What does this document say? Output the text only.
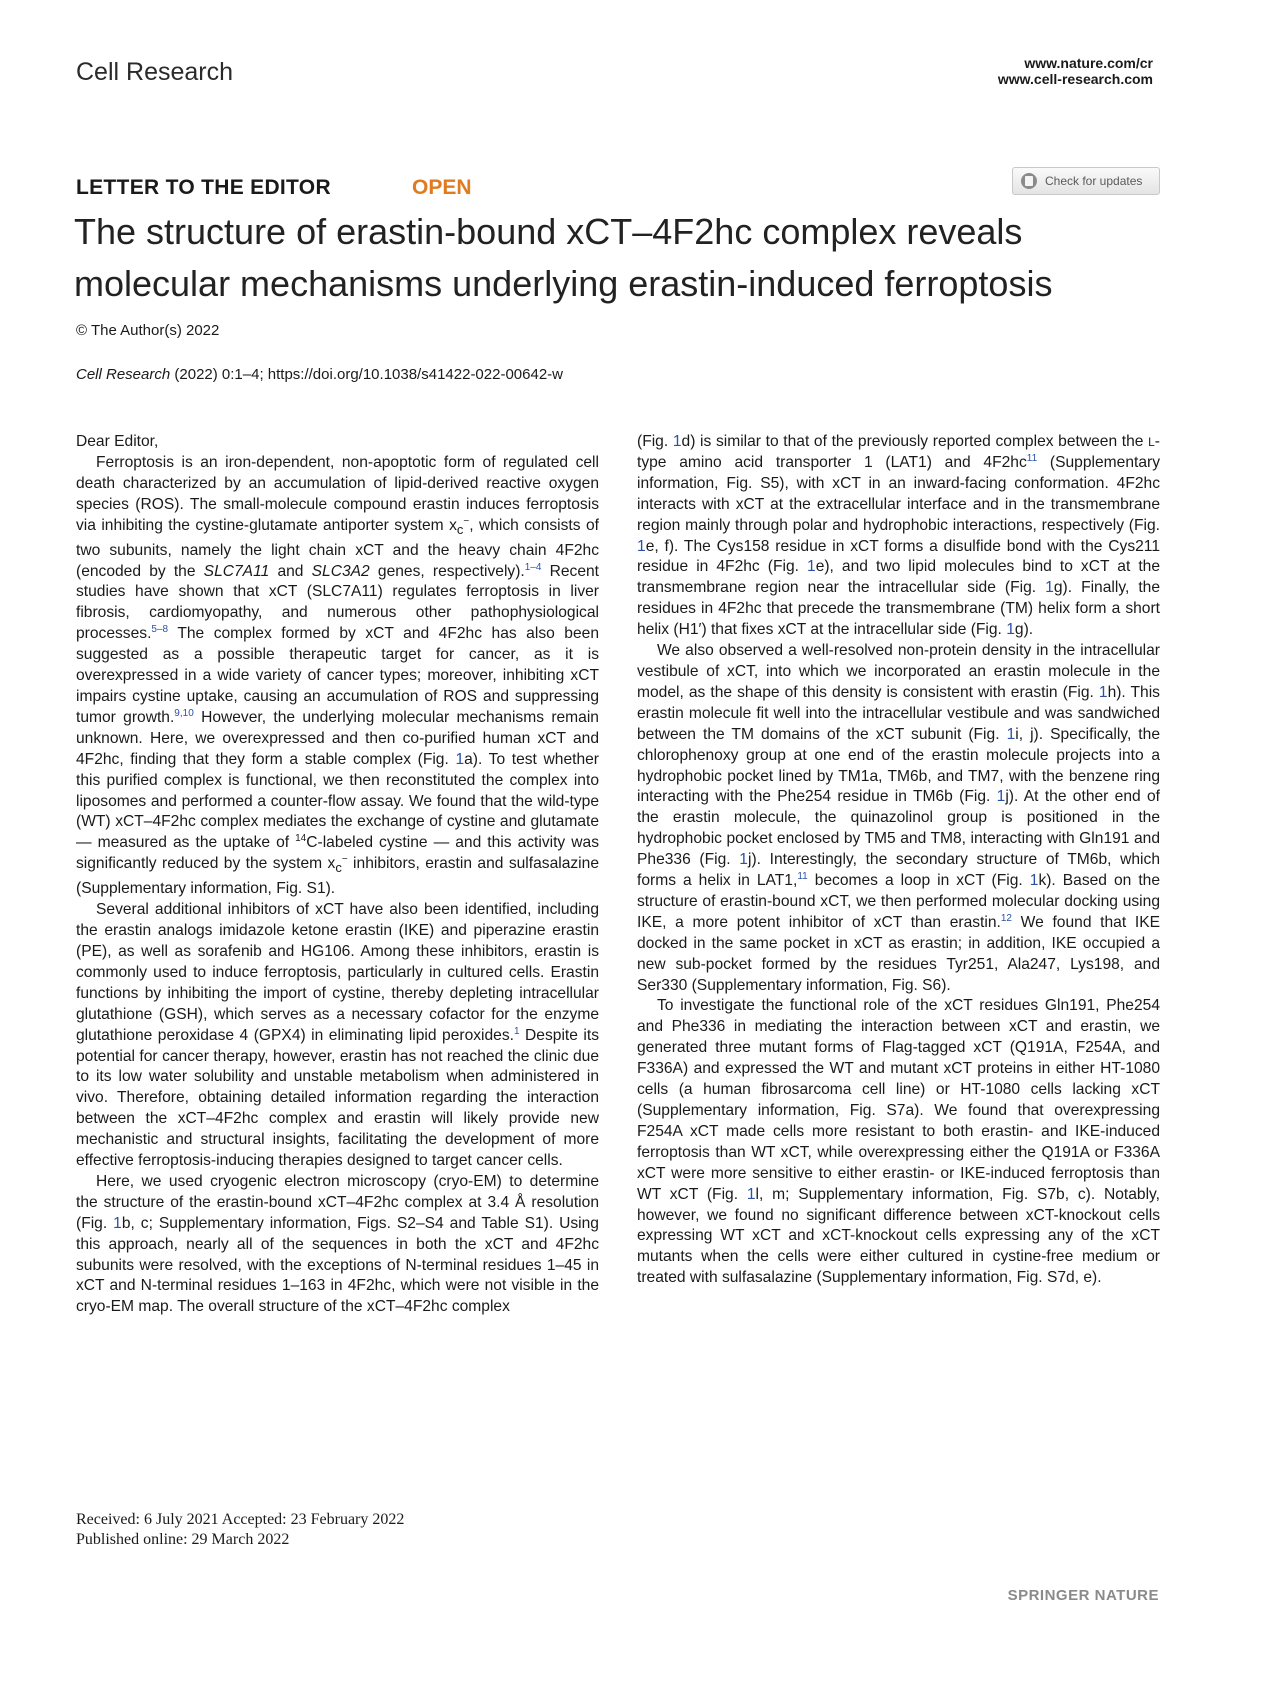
Cell Research	www.nature.com/cr
www.cell-research.com
LETTER TO THE EDITOR	OPEN	Check for updates
The structure of erastin-bound xCT–4F2hc complex reveals
molecular mechanisms underlying erastin-induced ferroptosis
© The Author(s) 2022
Cell Research (2022) 0:1–4; https://doi.org/10.1038/s41422-022-00642-w

Dear Editor,

Ferroptosis is an iron-dependent, non-apoptotic form of regulated cell death characterized by an accumulation of lipid-derived reactive oxygen species (ROS). The small-molecule compound erastin induces ferroptosis via inhibiting the cystine-glutamate antiporter system $x_c^-$, which consists of two subunits, namely the light chain xCT and the heavy chain 4F2hc (encoded by the SLC7A11 and SLC3A2 genes, respectively).$^{1-4}$ Recent studies have shown that xCT (SLC7A11) regulates ferroptosis in liver fibrosis, cardiomyopathy, and numerous other pathophysiological processes.$^{5-8}$ The complex formed by xCT and 4F2hc has also been suggested as a possible therapeutic target for cancer, as it is overexpressed in a wide variety of cancer types; moreover, inhibiting xCT impairs cystine uptake, causing an accumulation of ROS and suppressing tumor growth.$^{9,10}$ However, the underlying molecular mechanisms remain unknown. Here, we overexpressed and then co-purified human xCT and 4F2hc, finding that they form a stable complex (Fig. 1a). To test whether this purified complex is functional, we then reconstituted the complex into liposomes and performed a counter-flow assay. We found that the wild-type (WT) xCT–4F2hc complex mediates the exchange of cystine and glutamate — measured as the uptake of $^{14}$C-labeled cystine — and this activity was significantly reduced by the system $x_c^-$ inhibitors, erastin and sulfasalazine (Supplementary information, Fig. S1).

Several additional inhibitors of xCT have also been identified, including the erastin analogs imidazole ketone erastin (IKE) and piperazine erastin (PE), as well as sorafenib and HG106. Among these inhibitors, erastin is commonly used to induce ferroptosis, particularly in cultured cells. Erastin functions by inhibiting the import of cystine, thereby depleting intracellular glutathione (GSH), which serves as a necessary cofactor for the enzyme glutathione peroxidase 4 (GPX4) in eliminating lipid peroxides.$^1$ Despite its potential for cancer therapy, however, erastin has not reached the clinic due to its low water solubility and unstable metabolism when administered in vivo. Therefore, obtaining detailed information regarding the interaction between the xCT–4F2hc complex and erastin will likely provide new mechanistic and structural insights, facilitating the development of more effective ferroptosis-inducing therapies designed to target cancer cells.

Here, we used cryogenic electron microscopy (cryo-EM) to determine the structure of the erastin-bound xCT–4F2hc complex at 3.4 Å resolution (Fig. 1b, c; Supplementary information, Figs. S2–S4 and Table S1). Using this approach, nearly all of the sequences in both the xCT and 4F2hc subunits were resolved, with the exceptions of N-terminal residues 1–45 in xCT and N-terminal residues 1–163 in 4F2hc, which were not visible in the cryo-EM map. The overall structure of the xCT–4F2hc complex

(Fig. 1d) is similar to that of the previously reported complex between the L-type amino acid transporter 1 (LAT1) and 4F2hc$^{11}$ (Supplementary information, Fig. S5), with xCT in an inward-facing conformation. 4F2hc interacts with xCT at the extracellular interface and in the transmembrane region mainly through polar and hydrophobic interactions, respectively (Fig. 1e, f). The Cys158 residue in xCT forms a disulfide bond with the Cys211 residue in 4F2hc (Fig. 1e), and two lipid molecules bind to xCT at the transmembrane region near the intracellular side (Fig. 1g). Finally, the residues in 4F2hc that precede the transmembrane (TM) helix form a short helix (H1′) that fixes xCT at the intracellular side (Fig. 1g).

We also observed a well-resolved non-protein density in the intracellular vestibule of xCT, into which we incorporated an erastin molecule in the model, as the shape of this density is consistent with erastin (Fig. 1h). This erastin molecule fit well into the intracellular vestibule and was sandwiched between the TM domains of the xCT subunit (Fig. 1i, j). Specifically, the chlorophenoxy group at one end of the erastin molecule projects into a hydrophobic pocket lined by TM1a, TM6b, and TM7, with the benzene ring interacting with the Phe254 residue in TM6b (Fig. 1j). At the other end of the erastin molecule, the quinazolinol group is positioned in the hydrophobic pocket enclosed by TM5 and TM8, interacting with Gln191 and Phe336 (Fig. 1j). Interestingly, the secondary structure of TM6b, which forms a helix in LAT1,11 becomes a loop in xCT (Fig. 1k). Based on the structure of erastin-bound xCT, we then performed molecular docking using IKE, a more potent inhibitor of xCT than erastin.$^{12}$ We found that IKE docked in the same pocket in xCT as erastin; in addition, IKE occupied a new sub-pocket formed by the residues Tyr251, Ala247, Lys198, and Ser330 (Supplementary information, Fig. S6).

To investigate the functional role of the xCT residues Gln191, Phe254 and Phe336 in mediating the interaction between xCT and erastin, we generated three mutant forms of Flag-tagged xCT (Q191A, F254A, and F336A) and expressed the WT and mutant xCT proteins in either HT-1080 cells (a human fibrosarcoma cell line) or HT-1080 cells lacking xCT (Supplementary information, Fig. S7a). We found that overexpressing F254A xCT made cells more resistant to both erastin- and IKE-induced ferroptosis than WT xCT, while overexpressing either the Q191A or F336A xCT were more sensitive to either erastin- or IKE-induced ferroptosis than WT xCT (Fig. 1l, m; Supplementary information, Fig. S7b, c). Notably, however, we found no significant difference between xCT-knockout cells expressing WT xCT and xCT-knockout cells expressing any of the xCT mutants when the cells were either cultured in cystine-free medium or treated with sulfasalazine (Supplementary information, Fig. S7d, e).

Received: 6 July 2021 Accepted: 23 February 2022
Published online: 29 March 2022
SPRINGER NATURE
